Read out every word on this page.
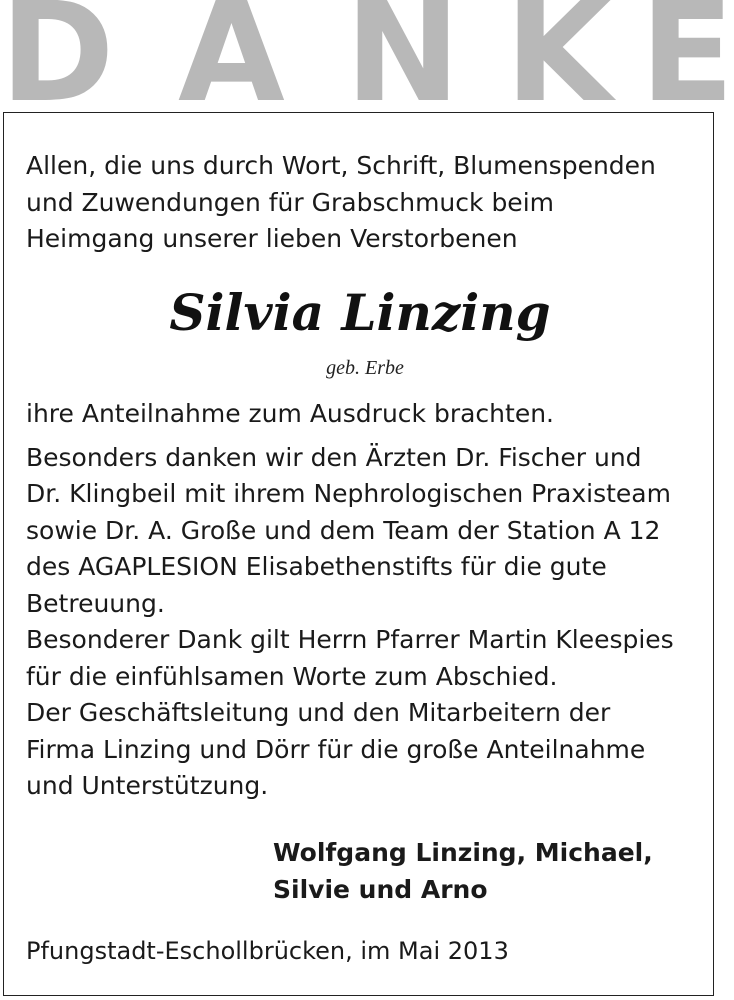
D A N K E
Allen, die uns durch Wort, Schrift, Blumenspenden
und Zuwendungen für Grabschmuck beim
Heimgang unserer lieben Verstorbenen
Silvia Linzing
geb. Erbe
ihre Anteilnahme zum Ausdruck brachten.
Besonders danken wir den Ärzten Dr. Fischer und
Dr. Klingbeil mit ihrem Nephrologischen Praxisteam
sowie Dr. A. Große und dem Team der Station A 12
des AGAPLESION Elisabethenstifts für die gute
Betreuung.
Besonderer Dank gilt Herrn Pfarrer Martin Kleespies
für die einfühlsamen Worte zum Abschied.
Der Geschäftsleitung und den Mitarbeitern der
Firma Linzing und Dörr für die große Anteilnahme
und Unterstützung.
Wolfgang Linzing, Michael,
Silvie und Arno
Pfungstadt-Eschollbrücken, im Mai 2013
